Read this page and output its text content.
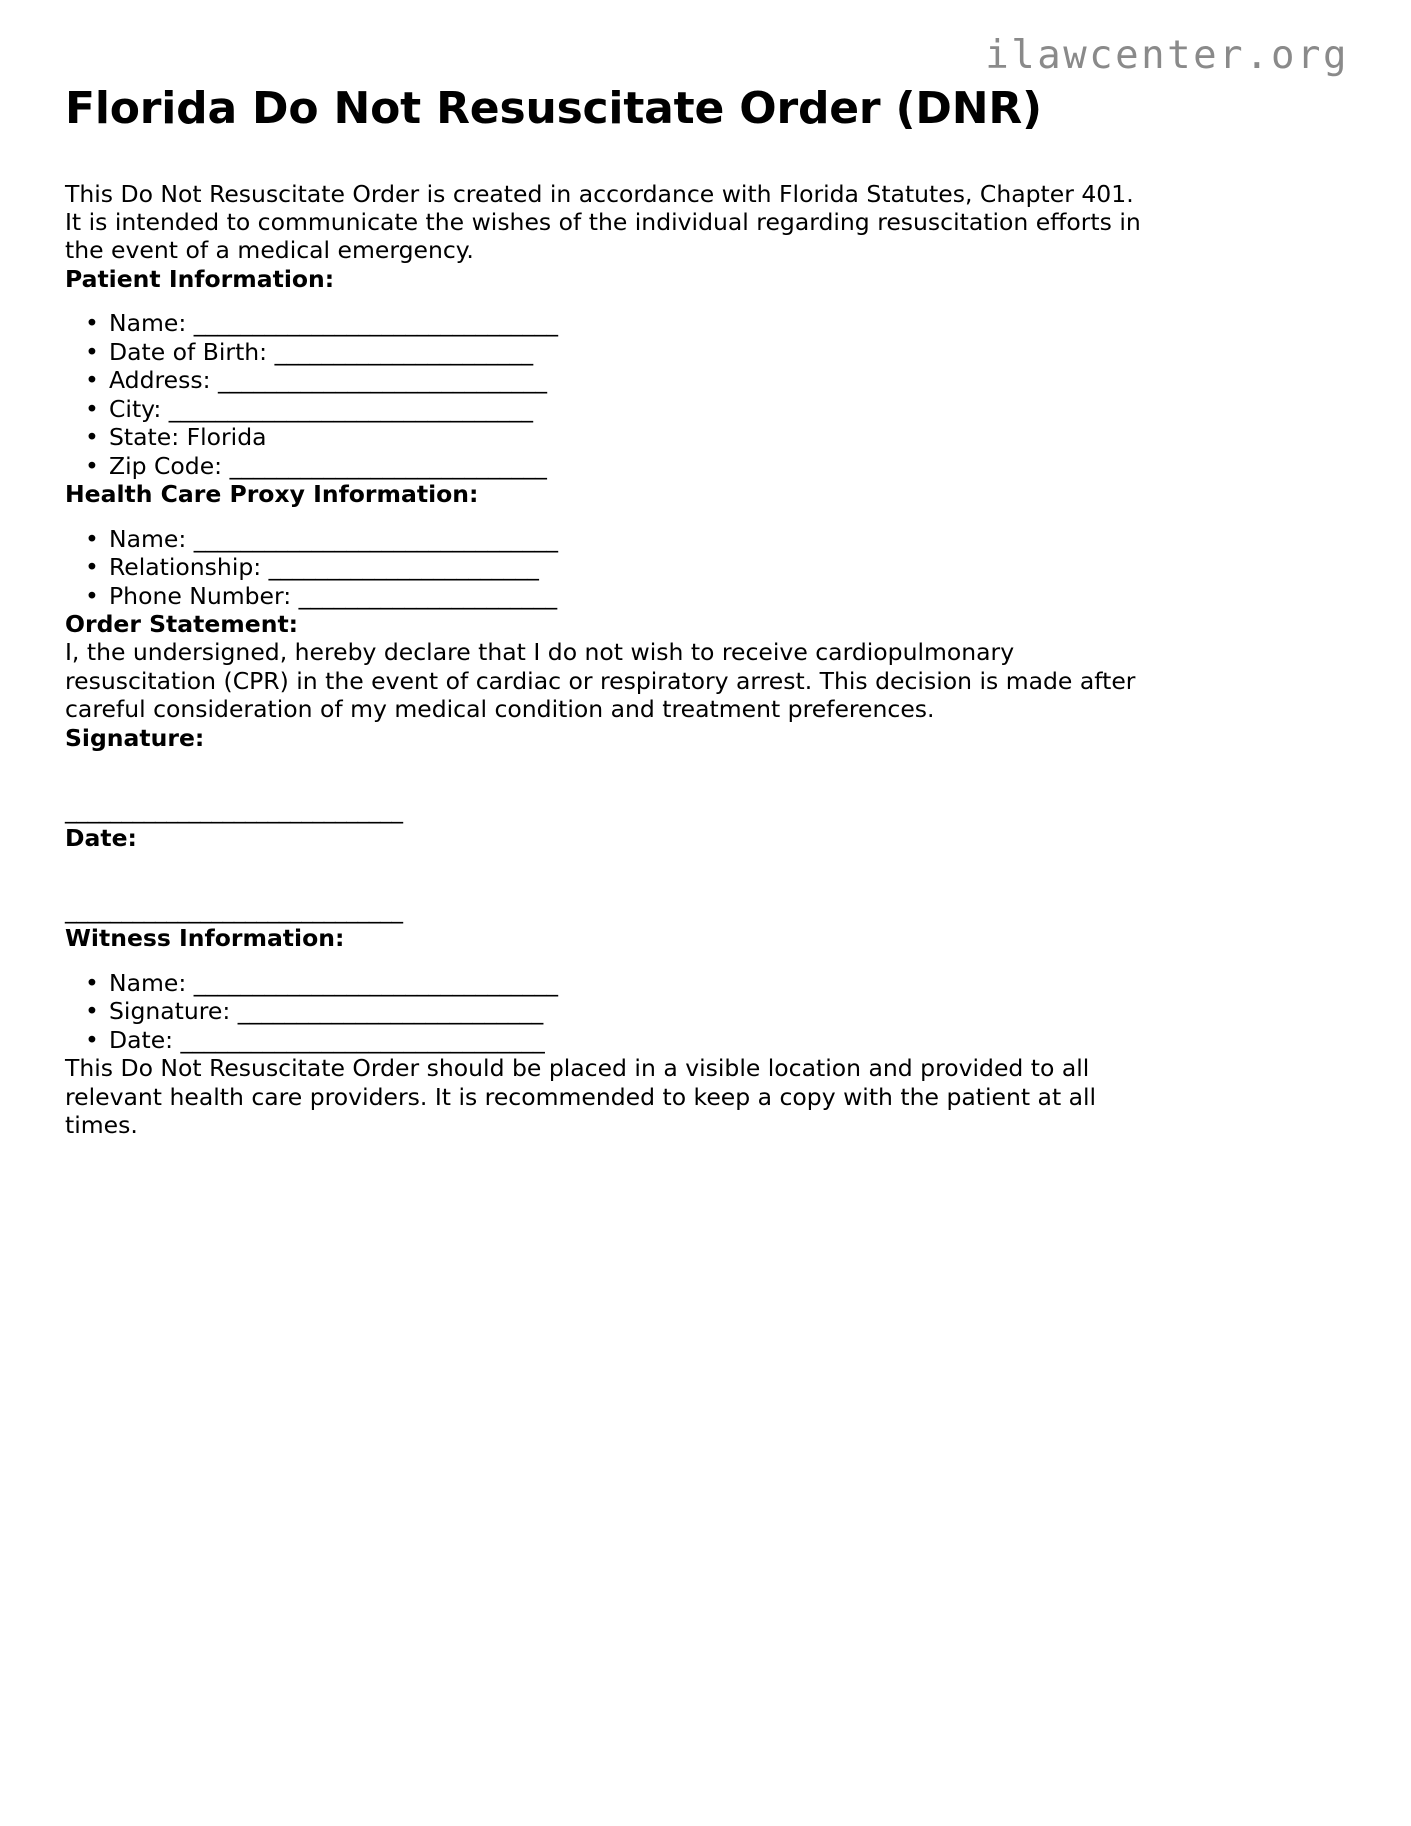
ilawcenter.org
Florida Do Not Resuscitate Order (DNR)

This Do Not Resuscitate Order is created in accordance with Florida Statutes, Chapter 401. It is intended to communicate the wishes of the individual regarding resuscitation efforts in the event of a medical emergency.

Patient Information:
• Name: _______________________________
• Date of Birth: ______________________
• Address: ____________________________
• City: _______________________________
• State: Florida
• Zip Code: ___________________________
Health Care Proxy Information:
• Name: _______________________________
• Relationship: _______________________
• Phone Number: ______________________
Order Statement:

I, the undersigned, hereby declare that I do not wish to receive cardiopulmonary resuscitation (CPR) in the event of cardiac or respiratory arrest. This decision is made after careful consideration of my medical condition and treatment preferences.

Signature:
______________________________
Date:
______________________________
Witness Information:
• Name: _______________________________
• Signature: __________________________
• Date: _______________________________

This Do Not Resuscitate Order should be placed in a visible location and provided to all relevant health care providers. It is recommended to keep a copy with the patient at all times.
